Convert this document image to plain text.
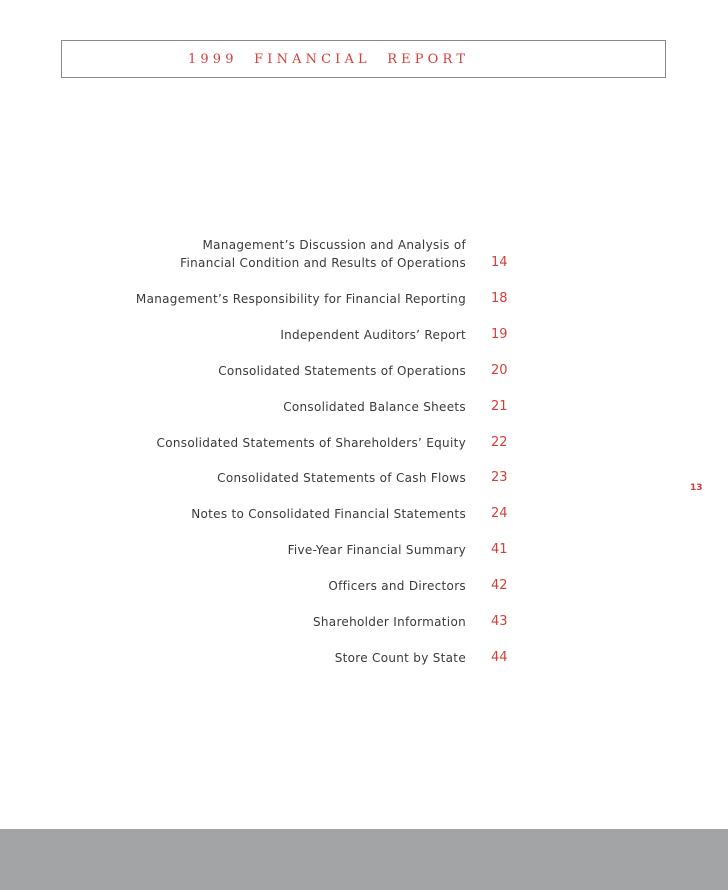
1 9 9 9     F I N A N C I A L     R E P O R T
Management’s Discussion and Analysis of
Financial Condition and Results of Operations 14
Management’s Responsibility for Financial Reporting 18
Independent Auditors’ Report 19
Consolidated Statements of Operations 20
Consolidated Balance Sheets 21
Consolidated Statements of Shareholders’ Equity 22
Consolidated Statements of Cash Flows 23
Notes to Consolidated Financial Statements 24
Five-Year Financial Summary 41
Officers and Directors 42
Shareholder Information 43
Store Count by State 44
13
